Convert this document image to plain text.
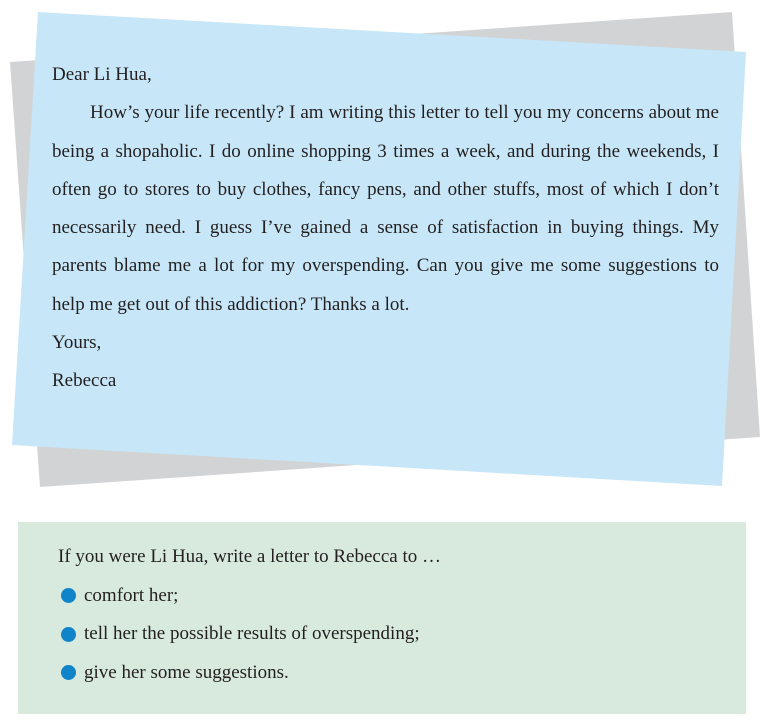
Dear Li Hua,
How’s your life recently? I am writing this letter to tell you my concerns about me being a shopaholic. I do online shopping 3 times a week, and during the weekends, I often go to stores to buy clothes, fancy pens, and other stuffs, most of which I don’t necessarily need. I guess I’ve gained a sense of satisfaction in buying things. My parents blame me a lot for my overspending. Can you give me some suggestions to help me get out of this addiction? Thanks a lot.
Yours,
Rebecca
If you were Li Hua, write a letter to Rebecca to …
comfort her;
tell her the possible results of overspending;
give her some suggestions.
